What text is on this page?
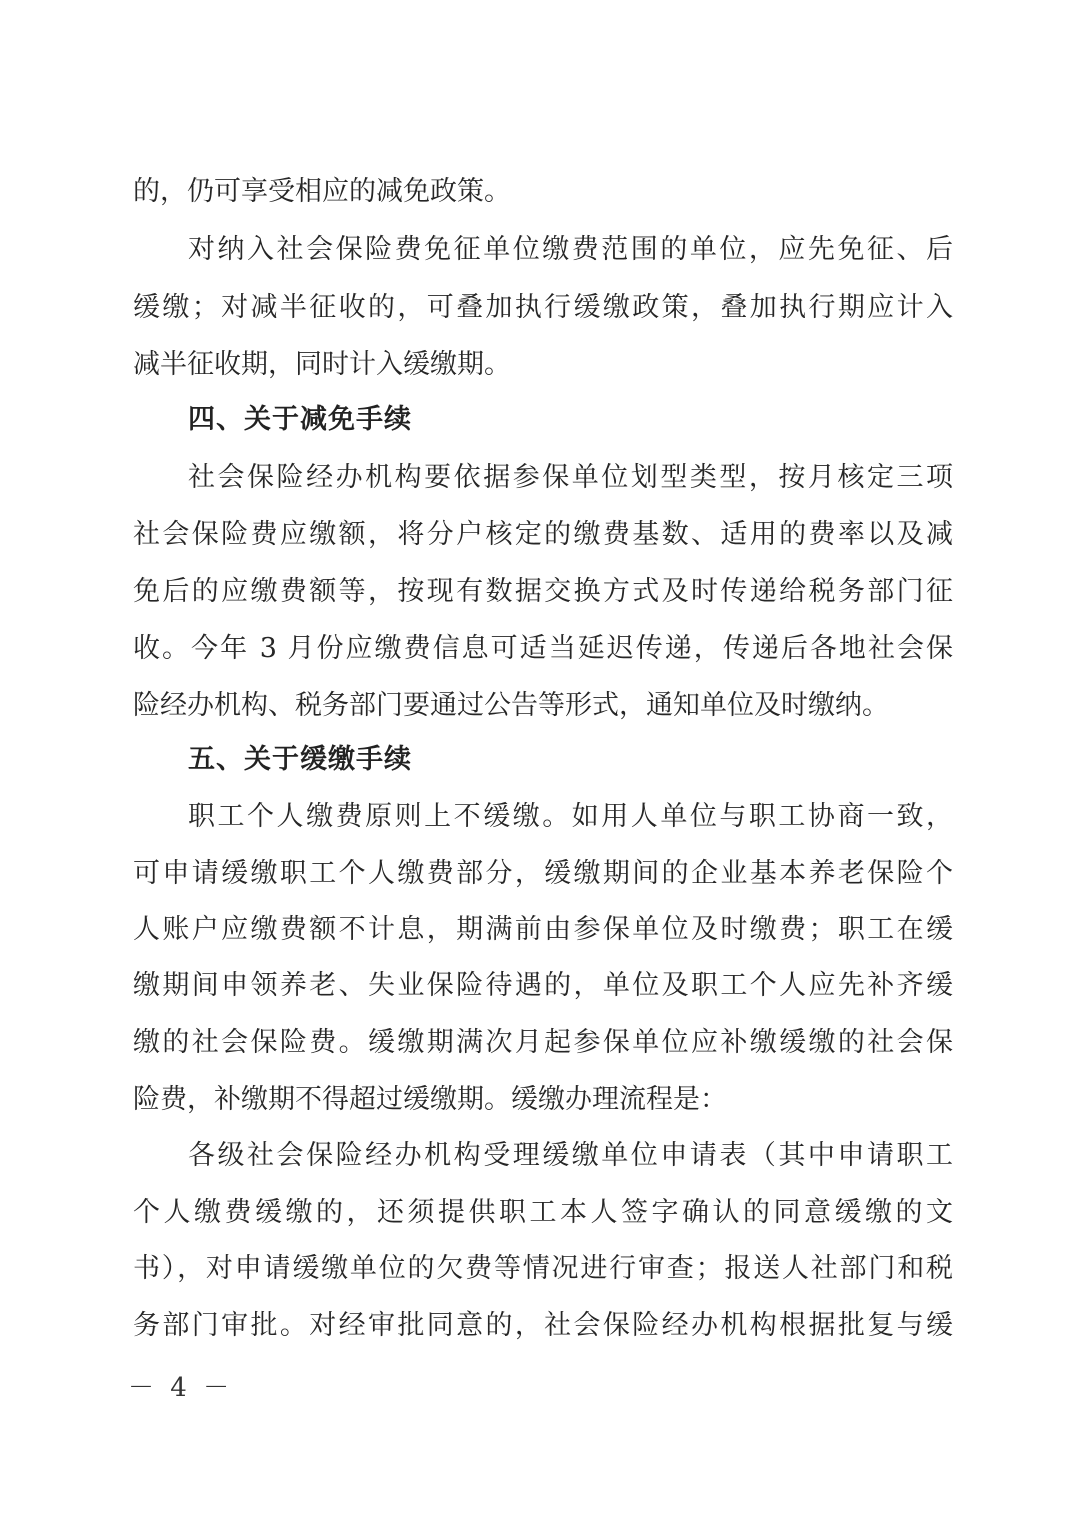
的，仍可享受相应的减免政策。
对纳入社会保险费免征单位缴费范围的单位，应先免征、后
缓缴；对减半征收的，可叠加执行缓缴政策，叠加执行期应计入
减半征收期，同时计入缓缴期。
四、关于减免手续
社会保险经办机构要依据参保单位划型类型，按月核定三项
社会保险费应缴额，将分户核定的缴费基数、适用的费率以及减
免后的应缴费额等，按现有数据交换方式及时传递给税务部门征
收。今年 3 月份应缴费信息可适当延迟传递，传递后各地社会保
险经办机构、税务部门要通过公告等形式，通知单位及时缴纳。
五、关于缓缴手续
职工个人缴费原则上不缓缴。如用人单位与职工协商一致，
可申请缓缴职工个人缴费部分，缓缴期间的企业基本养老保险个
人账户应缴费额不计息，期满前由参保单位及时缴费；职工在缓
缴期间申领养老、失业保险待遇的，单位及职工个人应先补齐缓
缴的社会保险费。缓缴期满次月起参保单位应补缴缓缴的社会保
险费，补缴期不得超过缓缴期。缓缴办理流程是：
各级社会保险经办机构受理缓缴单位申请表（其中申请职工
个人缴费缓缴的，还须提供职工本人签字确认的同意缓缴的文
书），对申请缓缴单位的欠费等情况进行审查；报送人社部门和税
务部门审批。对经审批同意的，社会保险经办机构根据批复与缓
－ 4 －
